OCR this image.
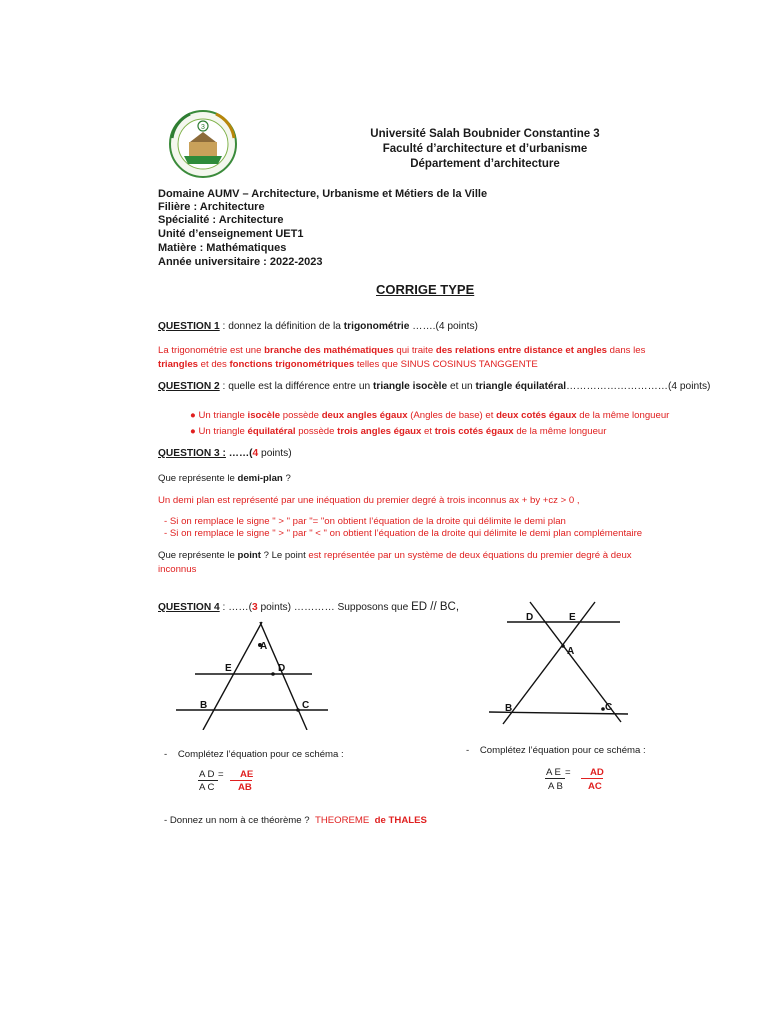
3
Université Salah Boubnider Constantine 3
Faculté d’architecture et d’urbanisme
Département d’architecture
Domaine AUMV – Architecture, Urbanisme et Métiers de la Ville
Filière : Architecture
Spécialité : Architecture
Unité d’enseignement UET1
Matière : Mathématiques
Année universitaire : 2022-2023
CORRIGE TYPE
QUESTION 1 : donnez la définition de la trigonométrie …….(4 points)
La trigonométrie est une branche des mathématiques qui traite des relations entre distance et angles dans les
triangles et des fonctions trigonométriques telles que SINUS COSINUS TANGGENTE
QUESTION 2 : quelle est la différence entre un triangle isocèle et un triangle équilatéral…………………………(4 points)
● Un triangle isocèle possède deux angles égaux (Angles de base) et deux cotés égaux de la même longueur
● Un triangle équilatéral possède trois angles égaux et trois cotés égaux de la même longueur
QUESTION 3 : ……(4 points)
Que représente le demi-plan ?
Un demi plan est représenté par une inéquation du premier degré à trois inconnus ax + by +cz > 0 ,
- Si on remplace le signe ʺ > ʺ par ʺ= ʺon obtient l’équation de la droite qui délimite le demi plan
- Si on remplace le signe ʺ > ʺ par ʺ < ʺ on obtient l’équation de la droite qui délimite le demi plan complémentaire
Que représente le point ? Le point est représentée par un système de deux équations du premier degré à deux
inconnus
QUESTION 4 : ……(3 points) ………… Supposons que ED // BC,
A
E	D
B	C
D	E
A
B	C
-    Complétez l’équation pour ce schéma :
A D = AE
A C AB
-    Complétez l’équation pour ce schéma :
A E = AD
A B	AC
- Donnez un nom à ce théorème ? THEOREME de THALES
